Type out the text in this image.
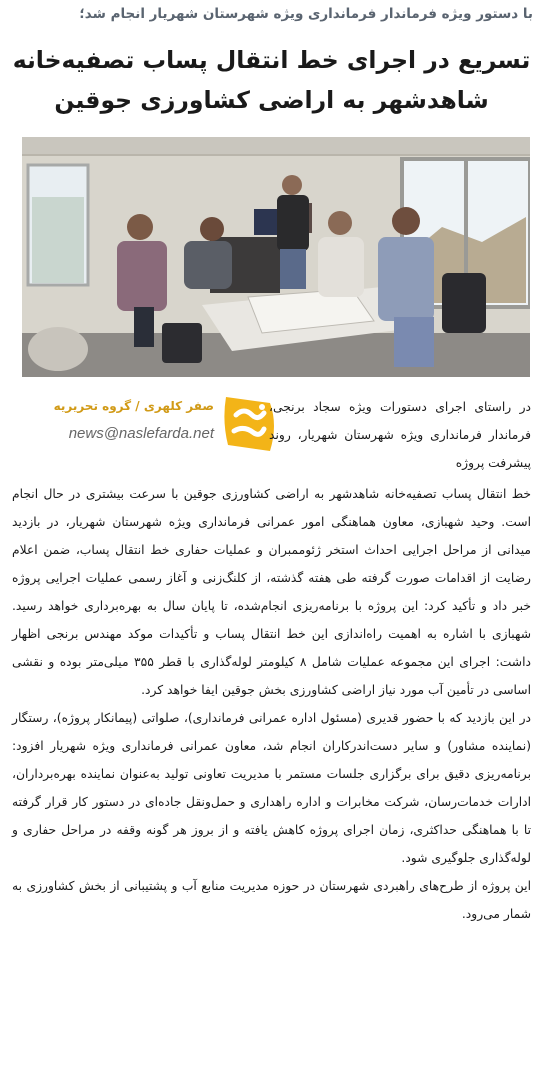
با دستور ویژه فرماندار فرمانداری ویژه شهرستان شهریار انجام شد؛
تسریع در اجرای خط انتقال پساب تصفیه‌خانه
شاهدشهر به اراضی کشاورزی جوقین
صفر کلهری / گروه تحریریه
news@naslefarda.net

در راستای اجرای دستورات ویژه سجاد برنجی، فرماندار فرمانداری ویژه شهرستان شهریار، روند پیشرفت پروژه

خط انتقال پساب تصفیه‌خانه شاهدشهر به اراضی کشاورزی جوقین با سرعت بیشتری در حال انجام است. وحید شهبازی، معاون هماهنگی امور عمرانی فرمانداری ویژه شهرستان شهریار، در بازدید میدانی از مراحل اجرایی احداث استخر ژئوممبران و عملیات حفاری خط انتقال پساب، ضمن اعلام رضایت از اقدامات صورت گرفته طی هفته گذشته، از کلنگ‌زنی و آغاز رسمی عملیات اجرایی پروژه خبر داد و تأکید کرد: این پروژه با برنامه‌ریزی انجام‌شده، تا پایان سال به بهره‌برداری خواهد رسید. شهبازی با اشاره به اهمیت راه‌اندازی این خط انتقال پساب و تأکیدات موکد مهندس برنجی اظهار داشت: اجرای این مجموعه عملیات شامل ۸ کیلومتر لوله‌گذاری با قطر ۳۵۵ میلی‌متر بوده و نقشی اساسی در تأمین آب مورد نیاز اراضی کشاورزی بخش جوقین ایفا خواهد کرد.

در این بازدید که با حضور قدیری (مسئول اداره عمرانی فرمانداری)، صلواتی (پیمانکار پروژه)، رستگار (نماینده مشاور) و سایر دست‌اندرکاران انجام شد، معاون عمرانی فرمانداری ویژه شهریار افزود: برنامه‌ریزی دقیق برای برگزاری جلسات مستمر با مدیریت تعاونی تولید به‌عنوان نماینده بهره‌برداران، ادارات خدمات‌رسان، شرکت مخابرات و اداره راهداری و حمل‌ونقل جاده‌ای در دستور کار قرار گرفته تا با هماهنگی حداکثری، زمان اجرای پروژه کاهش یافته و از بروز هر گونه وقفه در مراحل حفاری و لوله‌گذاری جلوگیری شود.

این پروژه از طرح‌های راهبردی شهرستان در حوزه مدیریت منابع آب و پشتیبانی از بخش کشاورزی به شمار می‌رود.
